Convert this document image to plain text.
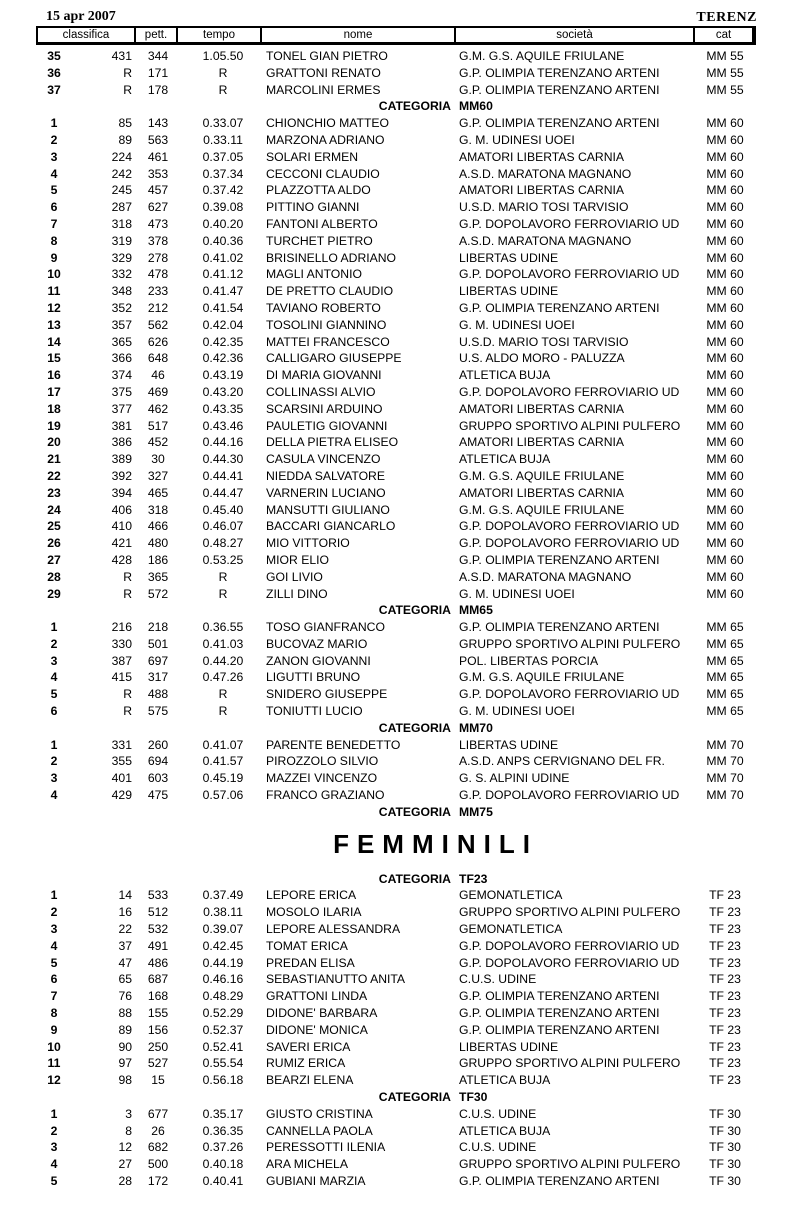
15 apr 2007	TERENZ
classifica	pett.	tempo	nome	società	cat
35	431	344	1.05.50	TONEL GIAN PIETRO	G.M. G.S. AQUILE FRIULANE	MM 55
36	R	171	R	GRATTONI RENATO	G.P. OLIMPIA TERENZANO ARTENI	MM 55
37	R	178	R	MARCOLINI ERMES	G.P. OLIMPIA TERENZANO ARTENI	MM 55
CATEGORIA MM60
1	85	143	0.33.07	CHIONCHIO MATTEO	G.P. OLIMPIA TERENZANO ARTENI	MM 60
2	89	563	0.33.11	MARZONA ADRIANO	G. M. UDINESI UOEI	MM 60
3	224	461	0.37.05	SOLARI ERMEN	AMATORI LIBERTAS CARNIA	MM 60
4	242	353	0.37.34	CECCONI CLAUDIO	A.S.D. MARATONA MAGNANO	MM 60
5	245	457	0.37.42	PLAZZOTTA ALDO	AMATORI LIBERTAS CARNIA	MM 60
6	287	627	0.39.08	PITTINO GIANNI	U.S.D. MARIO TOSI TARVISIO	MM 60
7	318	473	0.40.20	FANTONI ALBERTO	G.P. DOPOLAVORO FERROVIARIO UD	MM 60
8	319	378	0.40.36	TURCHET PIETRO	A.S.D. MARATONA MAGNANO	MM 60
9	329	278	0.41.02	BRISINELLO ADRIANO	LIBERTAS UDINE	MM 60
10	332	478	0.41.12	MAGLI ANTONIO	G.P. DOPOLAVORO FERROVIARIO UD	MM 60
11	348	233	0.41.47	DE PRETTO CLAUDIO	LIBERTAS UDINE	MM 60
12	352	212	0.41.54	TAVIANO ROBERTO	G.P. OLIMPIA TERENZANO ARTENI	MM 60
13	357	562	0.42.04	TOSOLINI GIANNINO	G. M. UDINESI UOEI	MM 60
14	365	626	0.42.35	MATTEI FRANCESCO	U.S.D. MARIO TOSI TARVISIO	MM 60
15	366	648	0.42.36	CALLIGARO GIUSEPPE	U.S. ALDO MORO - PALUZZA	MM 60
16	374	46	0.43.19	DI MARIA GIOVANNI	ATLETICA BUJA	MM 60
17	375	469	0.43.20	COLLINASSI ALVIO	G.P. DOPOLAVORO FERROVIARIO UD	MM 60
18	377	462	0.43.35	SCARSINI ARDUINO	AMATORI LIBERTAS CARNIA	MM 60
19	381	517	0.43.46	PAULETIG GIOVANNI	GRUPPO SPORTIVO ALPINI PULFERO	MM 60
20	386	452	0.44.16	DELLA PIETRA ELISEO	AMATORI LIBERTAS CARNIA	MM 60
21	389	30	0.44.30	CASULA VINCENZO	ATLETICA BUJA	MM 60
22	392	327	0.44.41	NIEDDA SALVATORE	G.M. G.S. AQUILE FRIULANE	MM 60
23	394	465	0.44.47	VARNERIN LUCIANO	AMATORI LIBERTAS CARNIA	MM 60
24	406	318	0.45.40	MANSUTTI GIULIANO	G.M. G.S. AQUILE FRIULANE	MM 60
25	410	466	0.46.07	BACCARI GIANCARLO	G.P. DOPOLAVORO FERROVIARIO UD	MM 60
26	421	480	0.48.27	MIO VITTORIO	G.P. DOPOLAVORO FERROVIARIO UD	MM 60
27	428	186	0.53.25	MIOR ELIO	G.P. OLIMPIA TERENZANO ARTENI	MM 60
28	R	365	R	GOI LIVIO	A.S.D. MARATONA MAGNANO	MM 60
29	R	572	R	ZILLI DINO	G. M. UDINESI UOEI	MM 60
CATEGORIA MM65
1	216	218	0.36.55	TOSO GIANFRANCO	G.P. OLIMPIA TERENZANO ARTENI	MM 65
2	330	501	0.41.03	BUCOVAZ MARIO	GRUPPO SPORTIVO ALPINI PULFERO	MM 65
3	387	697	0.44.20	ZANON GIOVANNI	POL. LIBERTAS PORCIA	MM 65
4	415	317	0.47.26	LIGUTTI BRUNO	G.M. G.S. AQUILE FRIULANE	MM 65
5	R	488	R	SNIDERO GIUSEPPE	G.P. DOPOLAVORO FERROVIARIO UD	MM 65
6	R	575	R	TONIUTTI LUCIO	G. M. UDINESI UOEI	MM 65
CATEGORIA MM70
1	331	260	0.41.07	PARENTE BENEDETTO	LIBERTAS UDINE	MM 70
2	355	694	0.41.57	PIROZZOLO SILVIO	A.S.D. ANPS CERVIGNANO DEL FR.	MM 70
3	401	603	0.45.19	MAZZEI VINCENZO	G. S. ALPINI UDINE	MM 70
4	429	475	0.57.06	FRANCO GRAZIANO	G.P. DOPOLAVORO FERROVIARIO UD	MM 70
CATEGORIA MM75
FEMMINILI
CATEGORIA TF23
1	14	533	0.37.49	LEPORE ERICA	GEMONATLETICA	TF 23
2	16	512	0.38.11	MOSOLO ILARIA	GRUPPO SPORTIVO ALPINI PULFERO	TF 23
3	22	532	0.39.07	LEPORE ALESSANDRA	GEMONATLETICA	TF 23
4	37	491	0.42.45	TOMAT ERICA	G.P. DOPOLAVORO FERROVIARIO UD	TF 23
5	47	486	0.44.19	PREDAN ELISA	G.P. DOPOLAVORO FERROVIARIO UD	TF 23
6	65	687	0.46.16	SEBASTIANUTTO ANITA	C.U.S. UDINE	TF 23
7	76	168	0.48.29	GRATTONI LINDA	G.P. OLIMPIA TERENZANO ARTENI	TF 23
8	88	155	0.52.29	DIDONE' BARBARA	G.P. OLIMPIA TERENZANO ARTENI	TF 23
9	89	156	0.52.37	DIDONE' MONICA	G.P. OLIMPIA TERENZANO ARTENI	TF 23
10	90	250	0.52.41	SAVERI ERICA	LIBERTAS UDINE	TF 23
11	97	527	0.55.54	RUMIZ ERICA	GRUPPO SPORTIVO ALPINI PULFERO	TF 23
12	98	15	0.56.18	BEARZI ELENA	ATLETICA BUJA	TF 23
CATEGORIA TF30
1	3	677	0.35.17	GIUSTO CRISTINA	C.U.S. UDINE	TF 30
2	8	26	0.36.35	CANNELLA PAOLA	ATLETICA BUJA	TF 30
3	12	682	0.37.26	PERESSOTTI ILENIA	C.U.S. UDINE	TF 30
4	27	500	0.40.18	ARA MICHELA	GRUPPO SPORTIVO ALPINI PULFERO	TF 30
5	28	172	0.40.41	GUBIANI MARZIA	G.P. OLIMPIA TERENZANO ARTENI	TF 30
